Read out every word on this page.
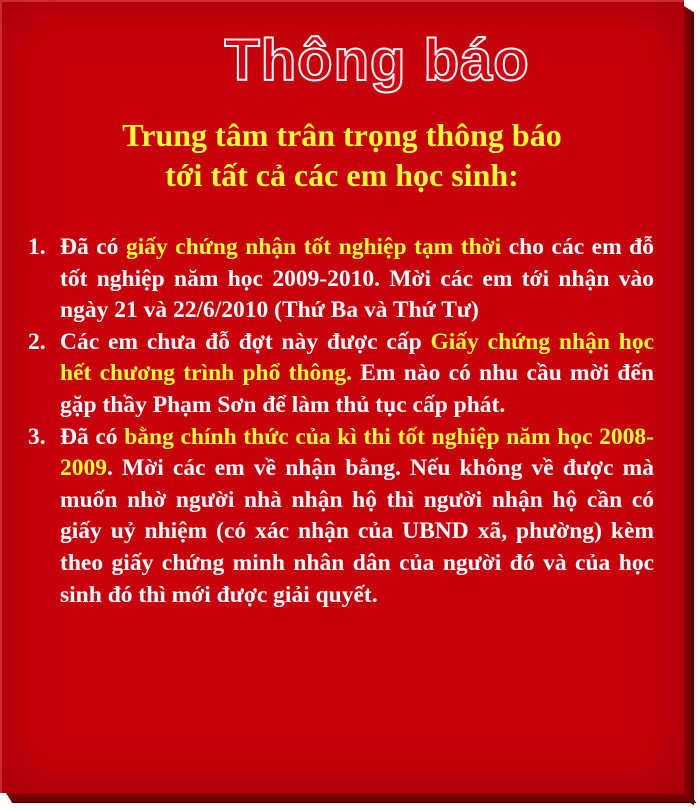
Thông báo
Trung tâm trân trọng thông báo
tới tất cả các em học sinh:
1. Đã có giấy chứng nhận tốt nghiệp tạm thời cho các em đỗ tốt nghiệp năm học 2009-2010. Mời các em tới nhận vào ngày 21 và 22/6/2010 (Thứ Ba và Thứ Tư)
2. Các em chưa đỗ đợt này được cấp Giấy chứng nhận học hết chương trình phổ thông. Em nào có nhu cầu mời đến gặp thầy Phạm Sơn để làm thủ tục cấp phát.
3. Đã có bằng chính thức của kì thi tốt nghiệp năm học 2008-2009. Mời các em về nhận bằng. Nếu không về được mà muốn nhờ người nhà nhận hộ thì người nhận hộ cần có giấy uỷ nhiệm (có xác nhận của UBND xã, phường) kèm theo giấy chứng minh nhân dân của người đó và của học sinh đó thì mới được giải quyết.
